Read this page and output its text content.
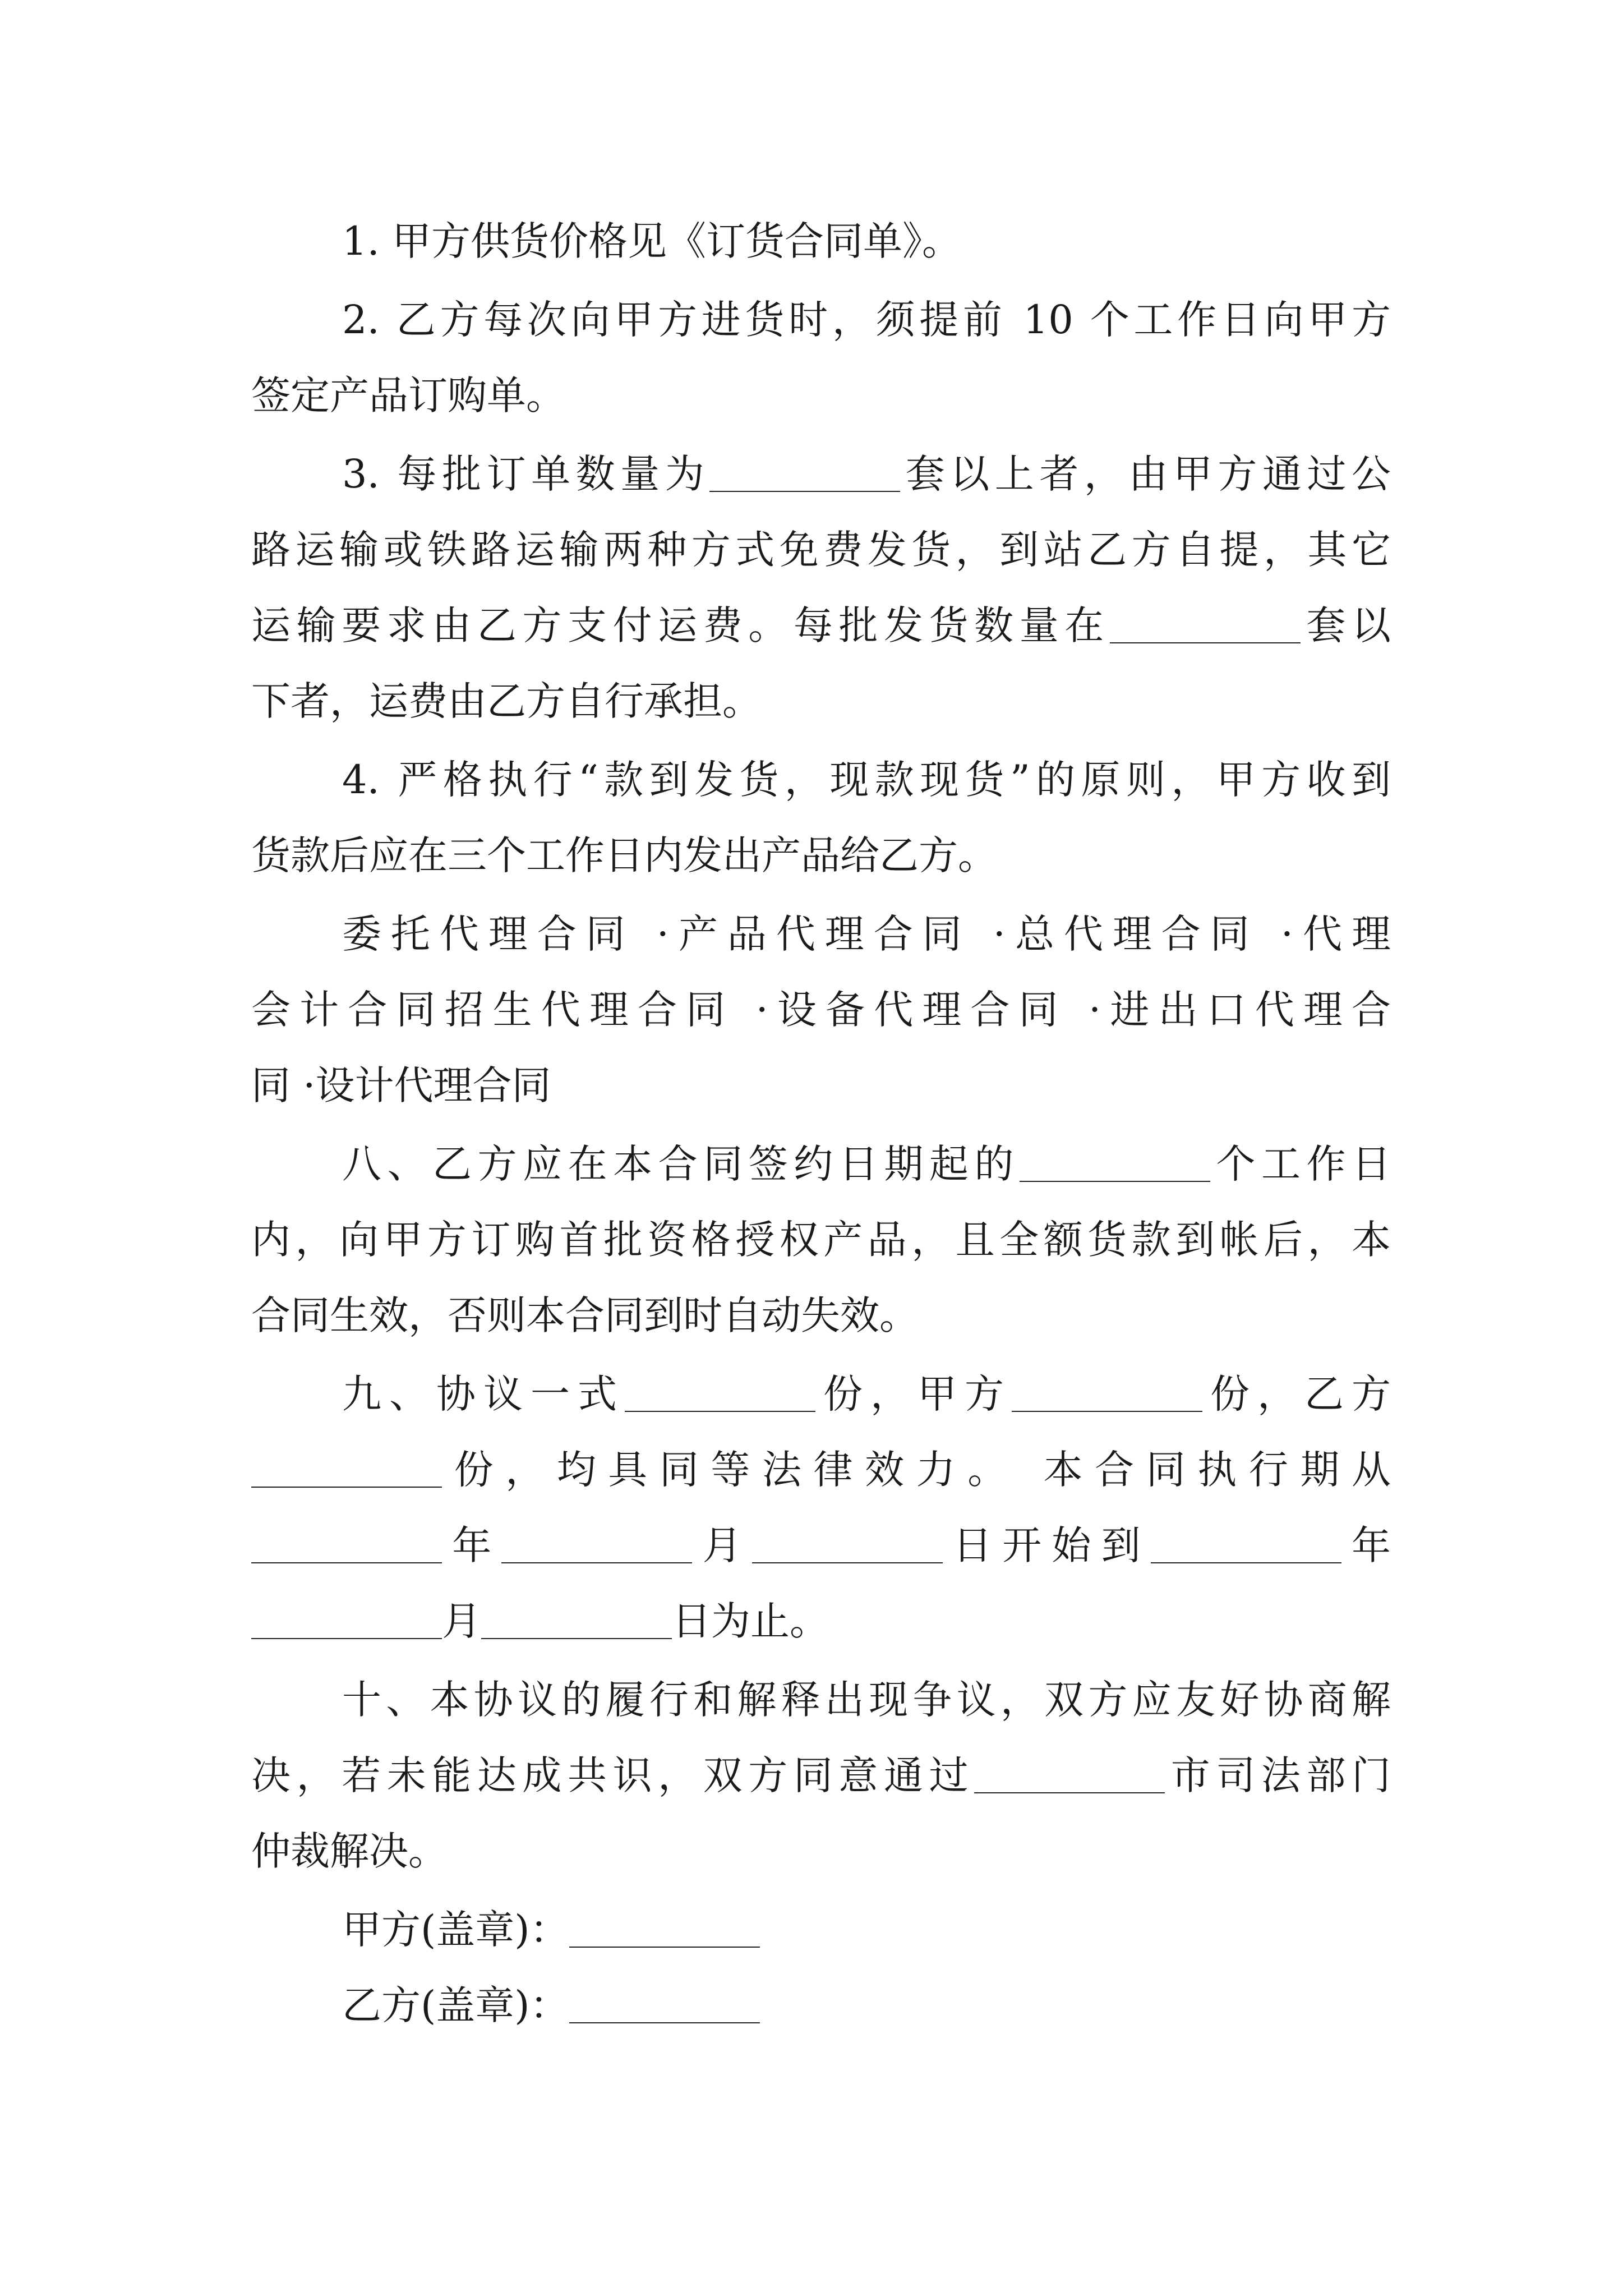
1. 甲方供货价格见《订货合同单》。
2. 乙方每次向甲方进货时，须提前 10 个工作日向甲方
签定产品订购单。
3. 每批订单数量为	套以上者，由甲方通过公
路运输或铁路运输两种方式免费发货，到站乙方自提，其它
运输要求由乙方支付运费。每批发货数量在	套以
下者，运费由乙方自行承担。
4. 严格执行“款到发货，现款现货”的原则，甲方收到
货款后应在三个工作日内发出产品给乙方。
委托代理合同 ·产品代理合同 ·总代理合同 ·代理
会计合同招生代理合同 ·设备代理合同 ·进出口代理合
同 ·设计代理合同
八、乙方应在本合同签约日期起的	个工作日
内，向甲方订购首批资格授权产品，且全额货款到帐后，本
合同生效，否则本合同到时自动失效。
九、协议一式	份，甲方	份，乙方
份，均具同等法律效力。 本合同执行期从
年	月	日开始到	年
月	日为止。
十、本协议的履行和解释出现争议，双方应友好协商解
决，若未能达成共识，双方同意通过	市司法部门
仲裁解决。
甲方(盖章)：
乙方(盖章)：
